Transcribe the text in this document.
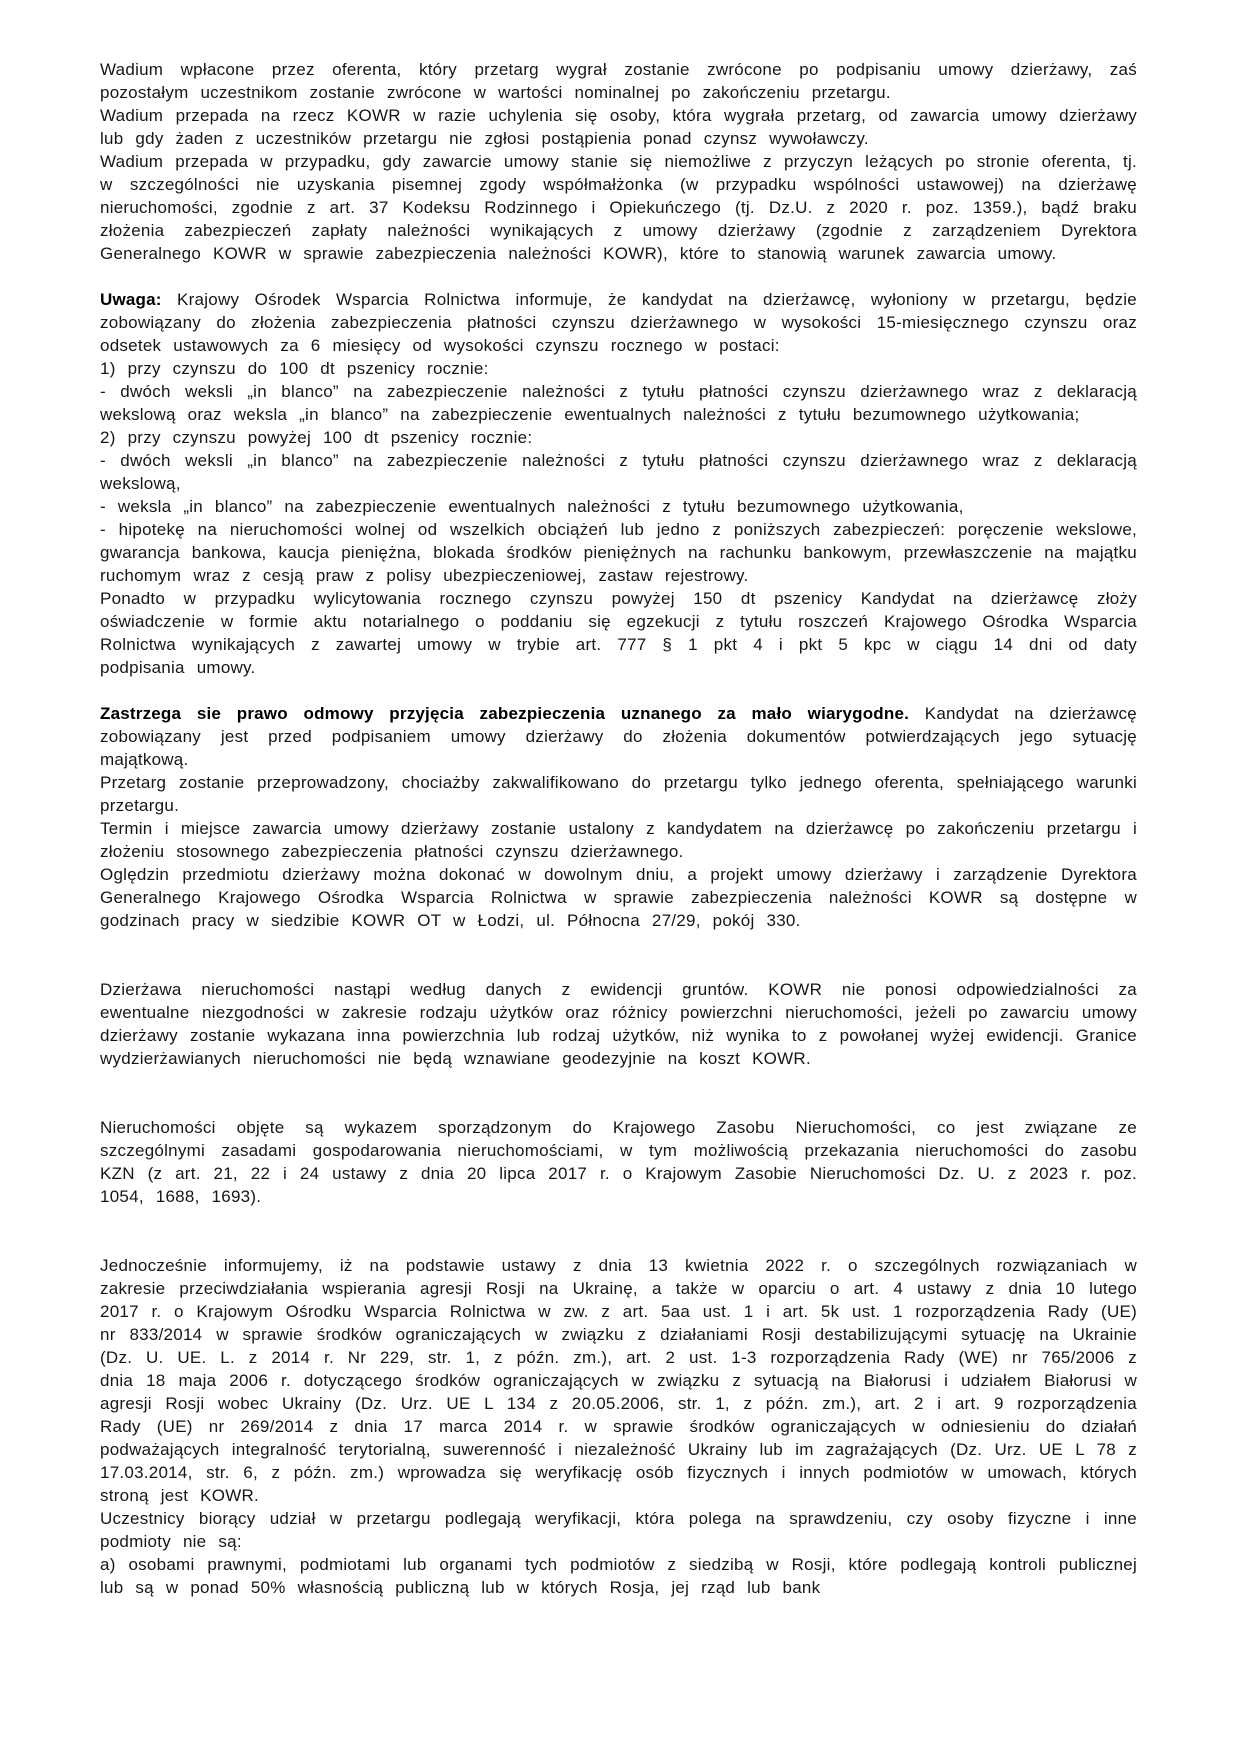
Wadium wpłacone przez oferenta, który przetarg wygrał zostanie zwrócone po podpisaniu umowy dzierżawy, zaś pozostałym uczestnikom zostanie zwrócone w wartości nominalnej po zakończeniu przetargu.

Wadium przepada na rzecz KOWR w razie uchylenia się osoby, która wygrała przetarg, od zawarcia umowy dzierżawy lub gdy żaden z uczestników przetargu nie zgłosi postąpienia ponad czynsz wywoławczy.

Wadium przepada w przypadku, gdy zawarcie umowy stanie się niemożliwe z przyczyn leżących po stronie oferenta, tj. w szczególności nie uzyskania pisemnej zgody współmałżonka (w przypadku wspólności ustawowej) na dzierżawę nieruchomości, zgodnie z art. 37 Kodeksu Rodzinnego i Opiekuńczego (tj. Dz.U. z 2020 r. poz. 1359.), bądź braku złożenia zabezpieczeń zapłaty należności wynikających z umowy dzierżawy (zgodnie z zarządzeniem Dyrektora Generalnego KOWR w sprawie zabezpieczenia należności KOWR), które to stanowią warunek zawarcia umowy.

Uwaga: Krajowy Ośrodek Wsparcia Rolnictwa informuje, że kandydat na dzierżawcę, wyłoniony w przetargu, będzie zobowiązany do złożenia zabezpieczenia płatności czynszu dzierżawnego w wysokości 15-miesięcznego czynszu oraz odsetek ustawowych za 6 miesięcy od wysokości czynszu rocznego w postaci:

1) przy czynszu do 100 dt pszenicy rocznie:

- dwóch weksli „in blanco” na zabezpieczenie należności z tytułu płatności czynszu dzierżawnego wraz z deklaracją wekslową oraz weksla „in blanco” na zabezpieczenie ewentualnych należności z tytułu bezumownego użytkowania;

2) przy czynszu powyżej 100 dt pszenicy rocznie:

- dwóch weksli „in blanco” na zabezpieczenie należności z tytułu płatności czynszu dzierżawnego wraz z deklaracją wekslową,

- weksla „in blanco” na zabezpieczenie ewentualnych należności z tytułu bezumownego użytkowania,

- hipotekę na nieruchomości wolnej od wszelkich obciążeń lub jedno z poniższych zabezpieczeń: poręczenie wekslowe, gwarancja bankowa, kaucja pieniężna, blokada środków pieniężnych na rachunku bankowym, przewłaszczenie na majątku ruchomym wraz z cesją praw z polisy ubezpieczeniowej, zastaw rejestrowy.

Ponadto w przypadku wylicytowania rocznego czynszu powyżej 150 dt pszenicy Kandydat na dzierżawcę złoży oświadczenie w formie aktu notarialnego o poddaniu się egzekucji z tytułu roszczeń Krajowego Ośrodka Wsparcia Rolnictwa wynikających z zawartej umowy w trybie art. 777 § 1 pkt 4 i pkt 5 kpc w ciągu 14 dni od daty podpisania umowy.

Zastrzega sie prawo odmowy przyjęcia zabezpieczenia uznanego za mało wiarygodne. Kandydat na dzierżawcę zobowiązany jest przed podpisaniem umowy dzierżawy do złożenia dokumentów potwierdzających jego sytuację majątkową.

Przetarg zostanie przeprowadzony, chociażby zakwalifikowano do przetargu tylko jednego oferenta, spełniającego warunki przetargu.

Termin i miejsce zawarcia umowy dzierżawy zostanie ustalony z kandydatem na dzierżawcę po zakończeniu przetargu i złożeniu stosownego zabezpieczenia płatności czynszu dzierżawnego.

Oględzin przedmiotu dzierżawy można dokonać w dowolnym dniu, a projekt umowy dzierżawy i zarządzenie Dyrektora Generalnego Krajowego Ośrodka Wsparcia Rolnictwa w sprawie zabezpieczenia należności KOWR są dostępne w godzinach pracy w siedzibie KOWR OT w Łodzi, ul. Północna 27/29, pokój 330.

Dzierżawa nieruchomości nastąpi według danych z ewidencji gruntów. KOWR nie ponosi odpowiedzialności za ewentualne niezgodności w zakresie rodzaju użytków oraz różnicy powierzchni nieruchomości, jeżeli po zawarciu umowy dzierżawy zostanie wykazana inna powierzchnia lub rodzaj użytków, niż wynika to z powołanej wyżej ewidencji. Granice wydzierżawianych nieruchomości nie będą wznawiane geodezyjnie na koszt KOWR.

Nieruchomości objęte są wykazem sporządzonym do Krajowego Zasobu Nieruchomości, co jest związane ze szczególnymi zasadami gospodarowania nieruchomościami, w tym możliwością przekazania nieruchomości do zasobu KZN (z art. 21, 22 i 24 ustawy z dnia 20 lipca 2017 r. o Krajowym Zasobie Nieruchomości Dz. U. z 2023 r. poz. 1054, 1688, 1693).

Jednocześnie informujemy, iż na podstawie ustawy z dnia 13 kwietnia 2022 r. o szczególnych rozwiązaniach w zakresie przeciwdziałania wspierania agresji Rosji na Ukrainę, a także w oparciu o art. 4 ustawy z dnia 10 lutego 2017 r. o Krajowym Ośrodku Wsparcia Rolnictwa w zw. z art. 5aa ust. 1 i art. 5k ust. 1 rozporządzenia Rady (UE) nr 833/2014 w sprawie środków ograniczających w związku z działaniami Rosji destabilizującymi sytuację na Ukrainie (Dz. U. UE. L. z 2014 r. Nr 229, str. 1, z późn. zm.), art. 2 ust. 1-3 rozporządzenia Rady (WE) nr 765/2006 z dnia 18 maja 2006 r. dotyczącego środków ograniczających w związku z sytuacją na Białorusi i udziałem Białorusi w agresji Rosji wobec Ukrainy (Dz. Urz. UE L 134 z 20.05.2006, str. 1, z późn. zm.), art. 2 i art. 9 rozporządzenia Rady (UE) nr 269/2014 z dnia 17 marca 2014 r. w sprawie środków ograniczających w odniesieniu do działań podważających integralność terytorialną, suwerenność i niezależność Ukrainy lub im zagrażających (Dz. Urz. UE L 78 z 17.03.2014, str. 6, z późn. zm.) wprowadza się weryfikację osób fizycznych i innych podmiotów w umowach, których stroną jest KOWR.

Uczestnicy biorący udział w przetargu podlegają weryfikacji, która polega na sprawdzeniu, czy osoby fizyczne i inne podmioty nie są:

a) osobami prawnymi, podmiotami lub organami tych podmiotów z siedzibą w Rosji, które podlegają kontroli publicznej lub są w ponad 50% własnością publiczną lub w których Rosja, jej rząd lub bank
